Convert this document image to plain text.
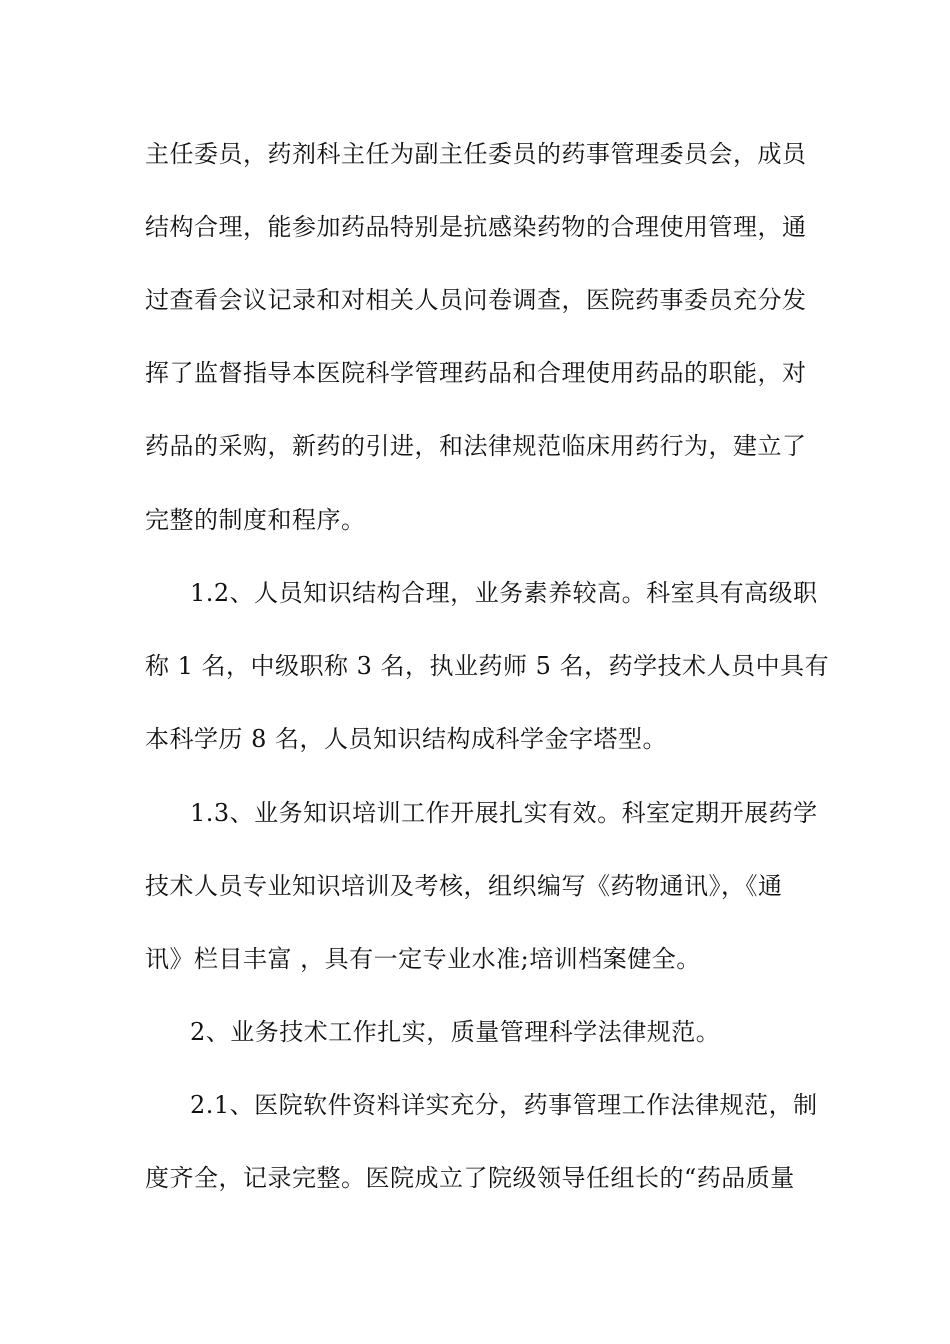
主任委员，药剂科主任为副主任委员的药事管理委员会，成员
结构合理，能参加药品特别是抗感染药物的合理使用管理，通
过查看会议记录和对相关人员问卷调查，医院药事委员充分发
挥了监督指导本医院科学管理药品和合理使用药品的职能，对
药品的采购，新药的引进，和法律规范临床用药行为，建立了
完整的制度和程序。
1.2、人员知识结构合理，业务素养较高。科室具有高级职
称 1 名，中级职称 3 名，执业药师 5 名，药学技术人员中具有
本科学历 8 名，人员知识结构成科学金字塔型。
1.3、业务知识培训工作开展扎实有效。科室定期开展药学
技术人员专业知识培训及考核，组织编写《药物通讯》，《通
讯》栏目丰富 ，具有一定专业水准;培训档案健全。
2、业务技术工作扎实，质量管理科学法律规范。
2.1、医院软件资料详实充分，药事管理工作法律规范，制
度齐全，记录完整。医院成立了院级领导任组长的“药品质量
